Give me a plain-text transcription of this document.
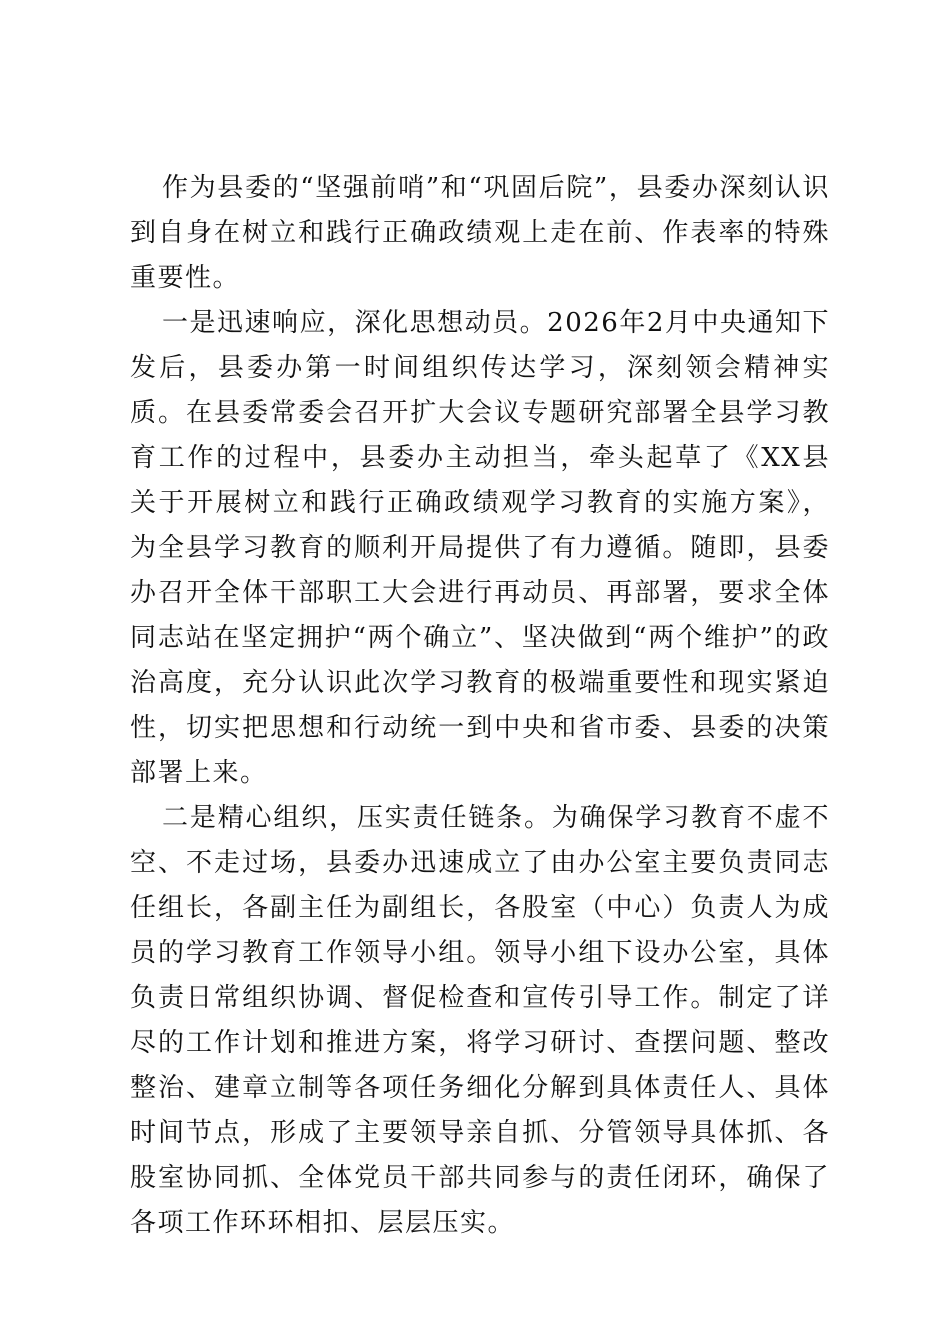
作为县委的“坚强前哨”和“巩固后院”，县委办深刻认识到自身在树立和践行正确政绩观上走在前、作表率的特殊重要性。

一是迅速响应，深化思想动员。2026年2月中央通知下发后，县委办第一时间组织传达学习，深刻领会精神实质。在县委常委会召开扩大会议专题研究部署全县学习教育工作的过程中，县委办主动担当，牵头起草了《XX县关于开展树立和践行正确政绩观学习教育的实施方案》，为全县学习教育的顺利开局提供了有力遵循。随即，县委办召开全体干部职工大会进行再动员、再部署，要求全体同志站在坚定拥护“两个确立”、坚决做到“两个维护”的政治高度，充分认识此次学习教育的极端重要性和现实紧迫性，切实把思想和行动统一到中央和省市委、县委的决策部署上来。

二是精心组织，压实责任链条。为确保学习教育不虚不空、不走过场，县委办迅速成立了由办公室主要负责同志任组长，各副主任为副组长，各股室（中心）负责人为成员的学习教育工作领导小组。领导小组下设办公室，具体负责日常组织协调、督促检查和宣传引导工作。制定了详尽的工作计划和推进方案，将学习研讨、查摆问题、整改整治、建章立制等各项任务细化分解到具体责任人、具体时间节点，形成了主要领导亲自抓、分管领导具体抓、各股室协同抓、全体党员干部共同参与的责任闭环，确保了各项工作环环相扣、层层压实。
